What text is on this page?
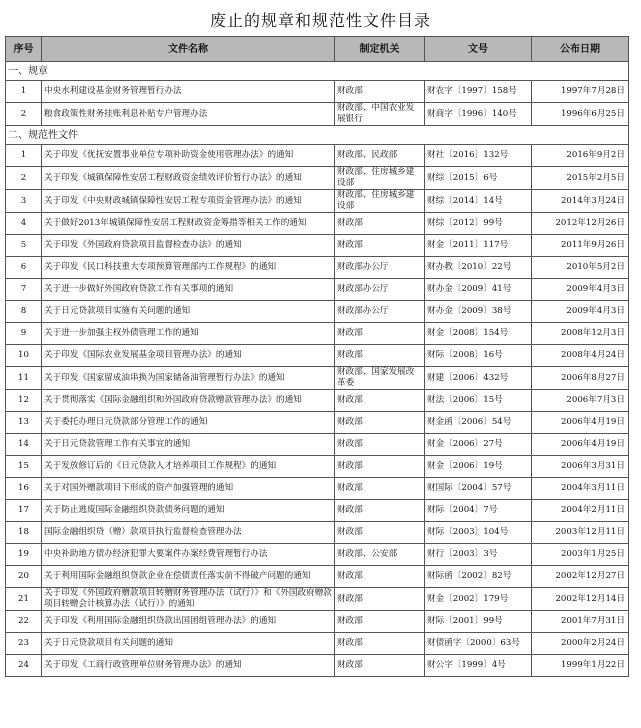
废止的规章和规范性文件目录
序号	文件名称	制定机关	文号	公布日期
一、规章				
1	中央水利建设基金财务管理暂行办法	财政部	财农字〔1997〕158号	1997年7月28日
2	粮食政策性财务挂账利息补贴专户管理办法	财政部、中国农业发展银行	财商字〔1996〕140号	1996年6月25日
二、规范性文件				
1	关于印发《优抚安置事业单位专项补助资金使用管理办法》的通知	财政部、民政部	财社〔2016〕132号	2016年9月2日
2	关于印发《城镇保障性安居工程财政资金绩效评价暂行办法》的通知	财政部、住房城乡建设部	财综〔2015〕6号	2015年2月5日
3	关于印发《中央财政城镇保障性安居工程专项资金管理办法》的通知	财政部、住房城乡建设部	财综〔2014〕14号	2014年3月24日
4	关于做好2013年城镇保障性安居工程财政资金筹措等相关工作的通知	财政部	财综〔2012〕99号	2012年12月26日
5	关于印发《外国政府贷款项目监督检查办法》的通知	财政部	财金〔2011〕117号	2011年9月26日
6	关于印发《民口科技重大专项预算管理部内工作规程》的通知	财政部办公厅	财办教〔2010〕22号	2010年5月2日
7	关于进一步做好外国政府贷款工作有关事项的通知	财政部办公厅	财办金〔2009〕41号	2009年4月3日
8	关于日元贷款项目实施有关问题的通知	财政部办公厅	财办金〔2009〕38号	2009年4月3日
9	关于进一步加强主权外债管理工作的通知	财政部	财金〔2008〕154号	2008年12月3日
10	关于印发《国际农业发展基金项目管理办法》的通知	财政部	财际〔2008〕16号	2008年4月24日
11	关于印发《国家留成油串换为国家储备油管理暂行办法》的通知	财政部、国家发展改革委	财建〔2006〕432号	2006年8月27日
12	关于贯彻落实《国际金融组织和外国政府贷款赠款管理办法》的通知	财政部	财法〔2006〕15号	2006年7月3日
13	关于委托办理日元贷款部分管理工作的通知	财政部	财金函〔2006〕54号	2006年4月19日
14	关于日元贷款管理工作有关事宜的通知	财政部	财金〔2006〕27号	2006年4月19日
15	关于发放修订后的《日元贷款人才培养项目工作规程》的通知	财政部	财金〔2006〕19号	2006年3月31日
16	关于对国外赠款项目下形成的资产加强管理的通知	财政部	财国际〔2004〕57号	2004年3月11日
17	关于防止逃废国际金融组织贷款债务问题的通知	财政部	财际〔2004〕7号	2004年2月11日
18	国际金融组织贷（赠）款项目执行监督检查管理办法	财政部	财际〔2003〕104号	2003年12月11日
19	中央补助地方债办经济犯罪大要案件办案经费管理暂行办法	财政部、公安部	财行〔2003〕3号	2003年1月25日
20	关于利用国际金融组织贷款企业在偿债责任落实前不得破产问题的通知	财政部	财际函〔2002〕82号	2002年12月27日
21	关于印发《外国政府赠款项目转赠财务管理办法（试行）》和《外国政府赠款项目转赠会计核算办法（试行）》的通知	财政部	财金〔2002〕179号	2002年12月14日
22	关于印发《利用国际金融组织贷款出国团组管理办法》的通知	财政部	财际〔2001〕99号	2001年7月31日
23	关于日元贷款项目有关问题的通知	财政部	财债函字〔2000〕63号	2000年2月24日
24	关于印发《工商行政管理单位财务管理办法》的通知	财政部	财公字〔1999〕4号	1999年1月22日
